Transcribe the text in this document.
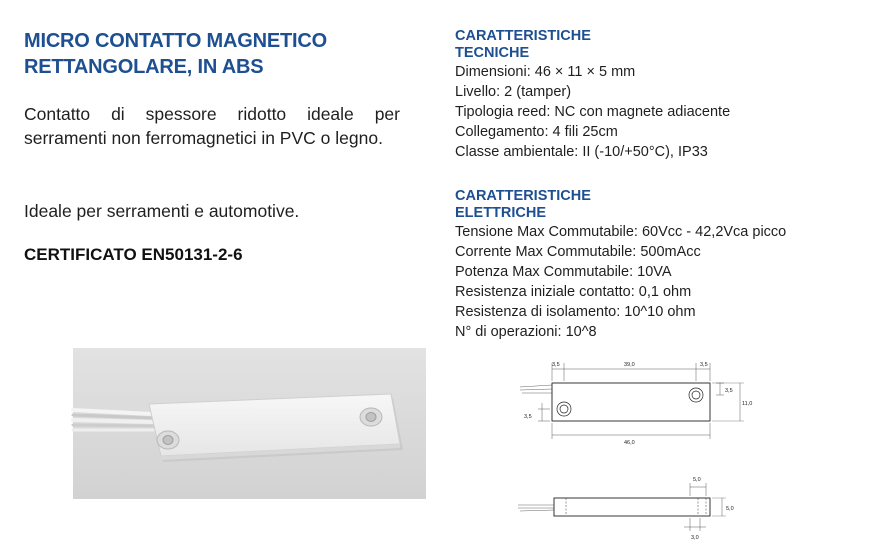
MICRO CONTATTO MAGNETICO
RETTANGOLARE, IN ABS
Contatto di spessore ridotto ideale per serramenti non ferromagnetici in PVC o legno.
Ideale per serramenti e automotive.
CERTIFICATO EN50131-2-6
CARATTERISTICHE
TECNICHE
Dimensioni: 46 × 11 × 5 mm
Livello: 2 (tamper)
Tipologia reed: NC con magnete adiacente
Collegamento: 4 fili 25cm
Classe ambientale: II (-10/+50°C), IP33
CARATTERISTICHE
ELETTRICHE
Tensione Max Commutabile: 60Vcc - 42,2Vca picco
Corrente Max Commutabile: 500mAcc
Potenza Max Commutabile: 10VA
Resistenza iniziale contatto: 0,1 ohm
Resistenza di isolamento: 10^10 ohm
N° di operazioni: 10^8
3,5	39,0	3,5
3,5
11,0
3,5
46,0
5,0
5,0
3,0
